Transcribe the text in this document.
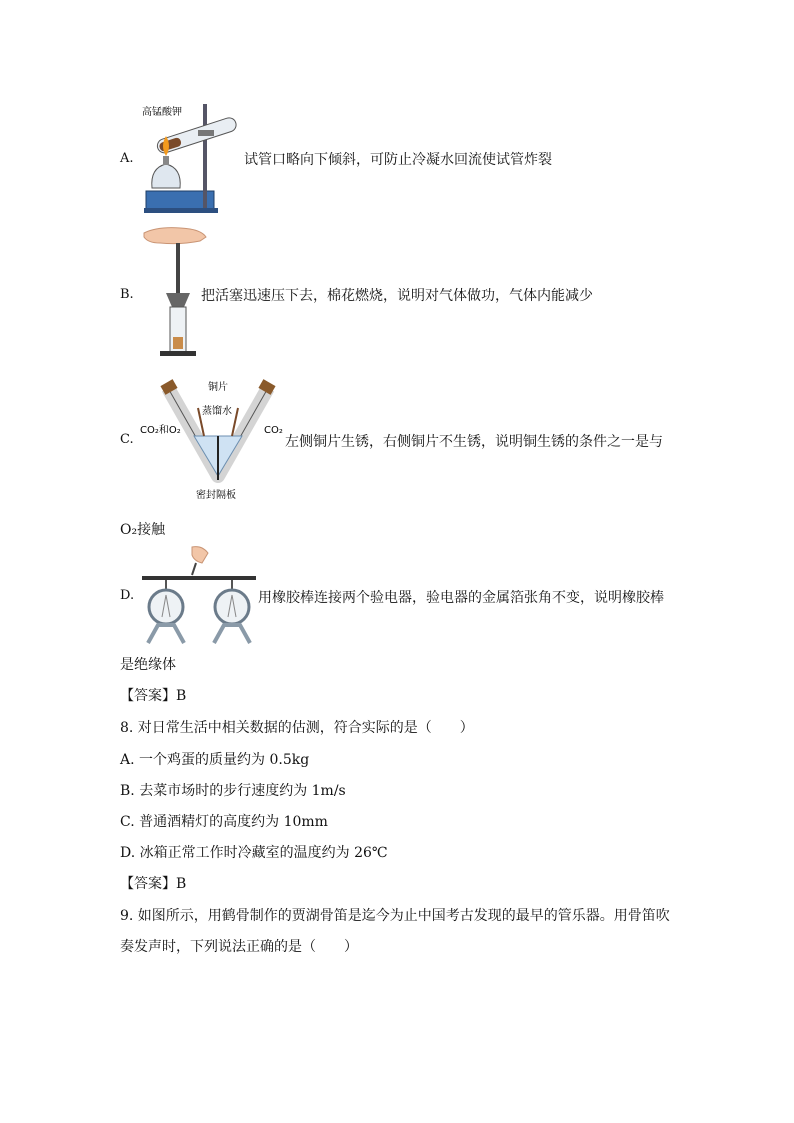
A.
高锰酸钾
试管口略向下倾斜，可防止冷凝水回流使试管炸裂
B.	把活塞迅速压下去，棉花燃烧，说明对气体做功，气体内能减少
C.
铜片
蒸馏水
CO₂和O₂	CO₂
密封隔板
左侧铜片生锈，右侧铜片不生锈，说明铜生锈的条件之一是与
O₂接触
D.	用橡胶棒连接两个验电器，验电器的金属箔张角不变，说明橡胶棒
是绝缘体
【答案】B
8. 对日常生活中相关数据的估测，符合实际的是（　　）
A. 一个鸡蛋的质量约为 0.5kg
B. 去菜市场时的步行速度约为 1m/s
C. 普通酒精灯的高度约为 10mm
D. 冰箱正常工作时冷藏室的温度约为 26℃
【答案】B
9. 如图所示，用鹤骨制作的贾湖骨笛是迄今为止中国考古发现的最早的管乐器。用骨笛吹
奏发声时，下列说法正确的是（　　）
